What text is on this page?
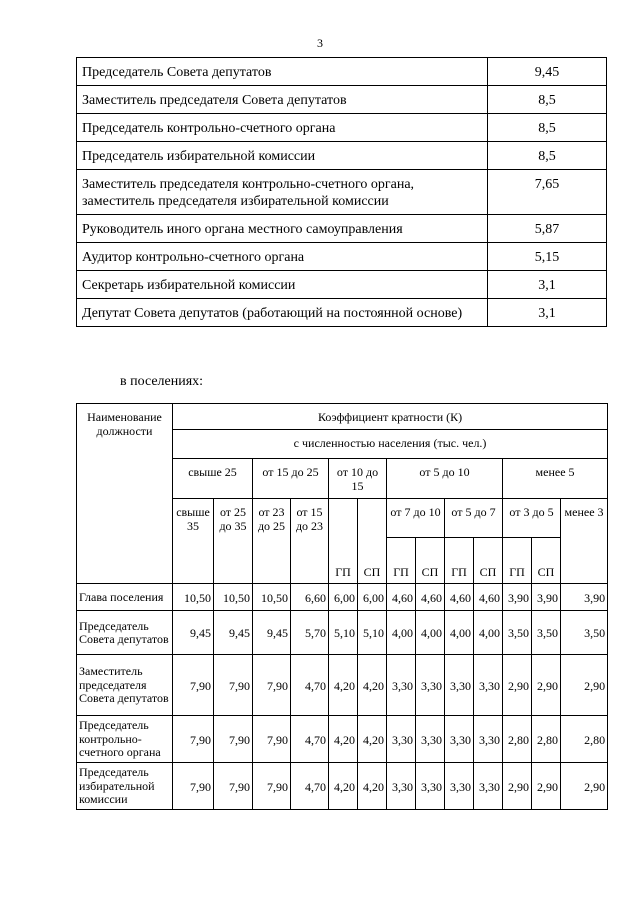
3
Председатель Совета депутатов	9,45
Заместитель председателя Совета депутатов	8,5
Председатель контрольно-счетного органа	8,5
Председатель избирательной комиссии	8,5
Заместитель председателя контрольно-счетного органа, заместитель председателя избирательной комиссии	7,65
Руководитель иного органа местного самоуправления	5,87
Аудитор контрольно-счетного органа	5,15
Секретарь избирательной комиссии	3,1
Депутат Совета депутатов (работающий на постоянной основе)	3,1
в поселениях:
Наименование должности	Коэффициент кратности (К)												
	с численностью населения (тыс. чел.)												
	свыше 25		от 15 до 25		от 10 до 15		от 5 до 10				менее 5		
	свыше 35	от 25 до 35	от 23 до 25	от 15 до 23	ГП	СП	от 7 до 10		от 5 до 7		от 3 до 5		менее 3
							ГП	СП	ГП	СП	ГП	СП	
Глава поселения	10,50	10,50	10,50	6,60	6,00	6,00	4,60	4,60	4,60	4,60	3,90	3,90	3,90
Председатель Совета депутатов	9,45	9,45	9,45	5,70	5,10	5,10	4,00	4,00	4,00	4,00	3,50	3,50	3,50
Заместитель председателя Совета депутатов	7,90	7,90	7,90	4,70	4,20	4,20	3,30	3,30	3,30	3,30	2,90	2,90	2,90
Председатель контрольно-счетного органа	7,90	7,90	7,90	4,70	4,20	4,20	3,30	3,30	3,30	3,30	2,80	2,80	2,80
Председатель избирательной комиссии	7,90	7,90	7,90	4,70	4,20	4,20	3,30	3,30	3,30	3,30	2,90	2,90	2,90
